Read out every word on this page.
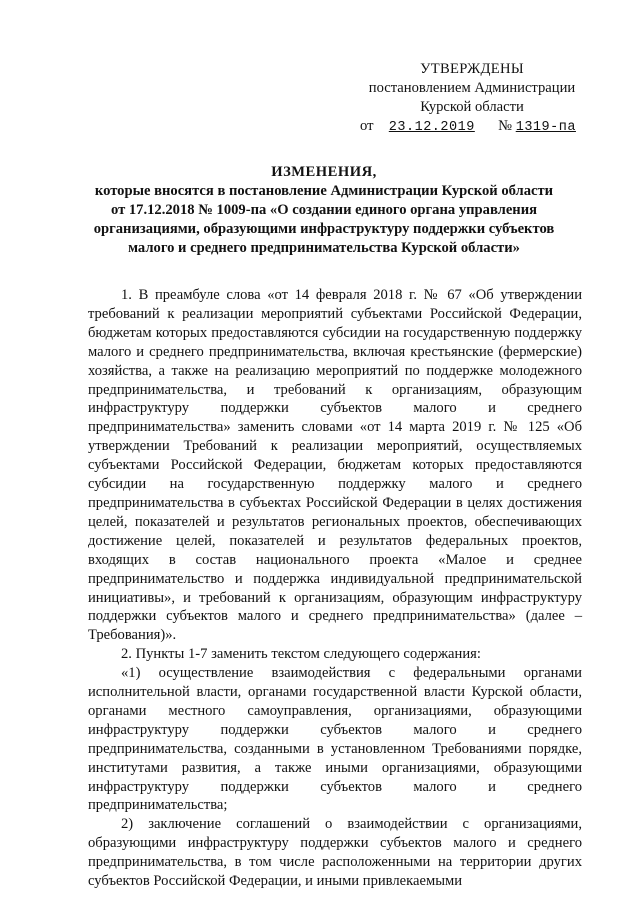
УТВЕРЖДЕНЫ
постановлением Администрации
Курской области
от 23.12.2019 № 1319-па
ИЗМЕНЕНИЯ,
которые вносятся в постановление Администрации Курской области от 17.12.2018 № 1009-па «О создании единого органа управления организациями, образующими инфраструктуру поддержки субъектов малого и среднего предпринимательства Курской области»

1. В преамбуле слова «от 14 февраля 2018 г. № 67 «Об утверждении требований к реализации мероприятий субъектами Российской Федерации, бюджетам которых предоставляются субсидии на государственную поддержку малого и среднего предпринимательства, включая крестьянские (фермерские) хозяйства, а также на реализацию мероприятий по поддержке молодежного предпринимательства, и требований к организациям, образующим инфраструктуру поддержки субъектов малого и среднего предпринимательства» заменить словами «от 14 марта 2019 г. № 125 «Об утверждении Требований к реализации мероприятий, осуществляемых субъектами Российской Федерации, бюджетам которых предоставляются субсидии на государственную поддержку малого и среднего предпринимательства в субъектах Российской Федерации в целях достижения целей, показателей и результатов региональных проектов, обеспечивающих достижение целей, показателей и результатов федеральных проектов, входящих в состав национального проекта «Малое и среднее предпринимательство и поддержка индивидуальной предпринимательской инициативы», и требований к организациям, образующим инфраструктуру поддержки субъектов малого и среднего предпринимательства» (далее – Требования)».

2. Пункты 1-7 заменить текстом следующего содержания:

«1) осуществление взаимодействия с федеральными органами исполнительной власти, органами государственной власти Курской области, органами местного самоуправления, организациями, образующими инфраструктуру поддержки субъектов малого и среднего предпринимательства, созданными в установленном Требованиями порядке, институтами развития, а также иными организациями, образующими инфраструктуру поддержки субъектов малого и среднего предпринимательства;

2) заключение соглашений о взаимодействии с организациями, образующими инфраструктуру поддержки субъектов малого и среднего предпринимательства, в том числе расположенными на территории других субъектов Российской Федерации, и иными привлекаемыми
